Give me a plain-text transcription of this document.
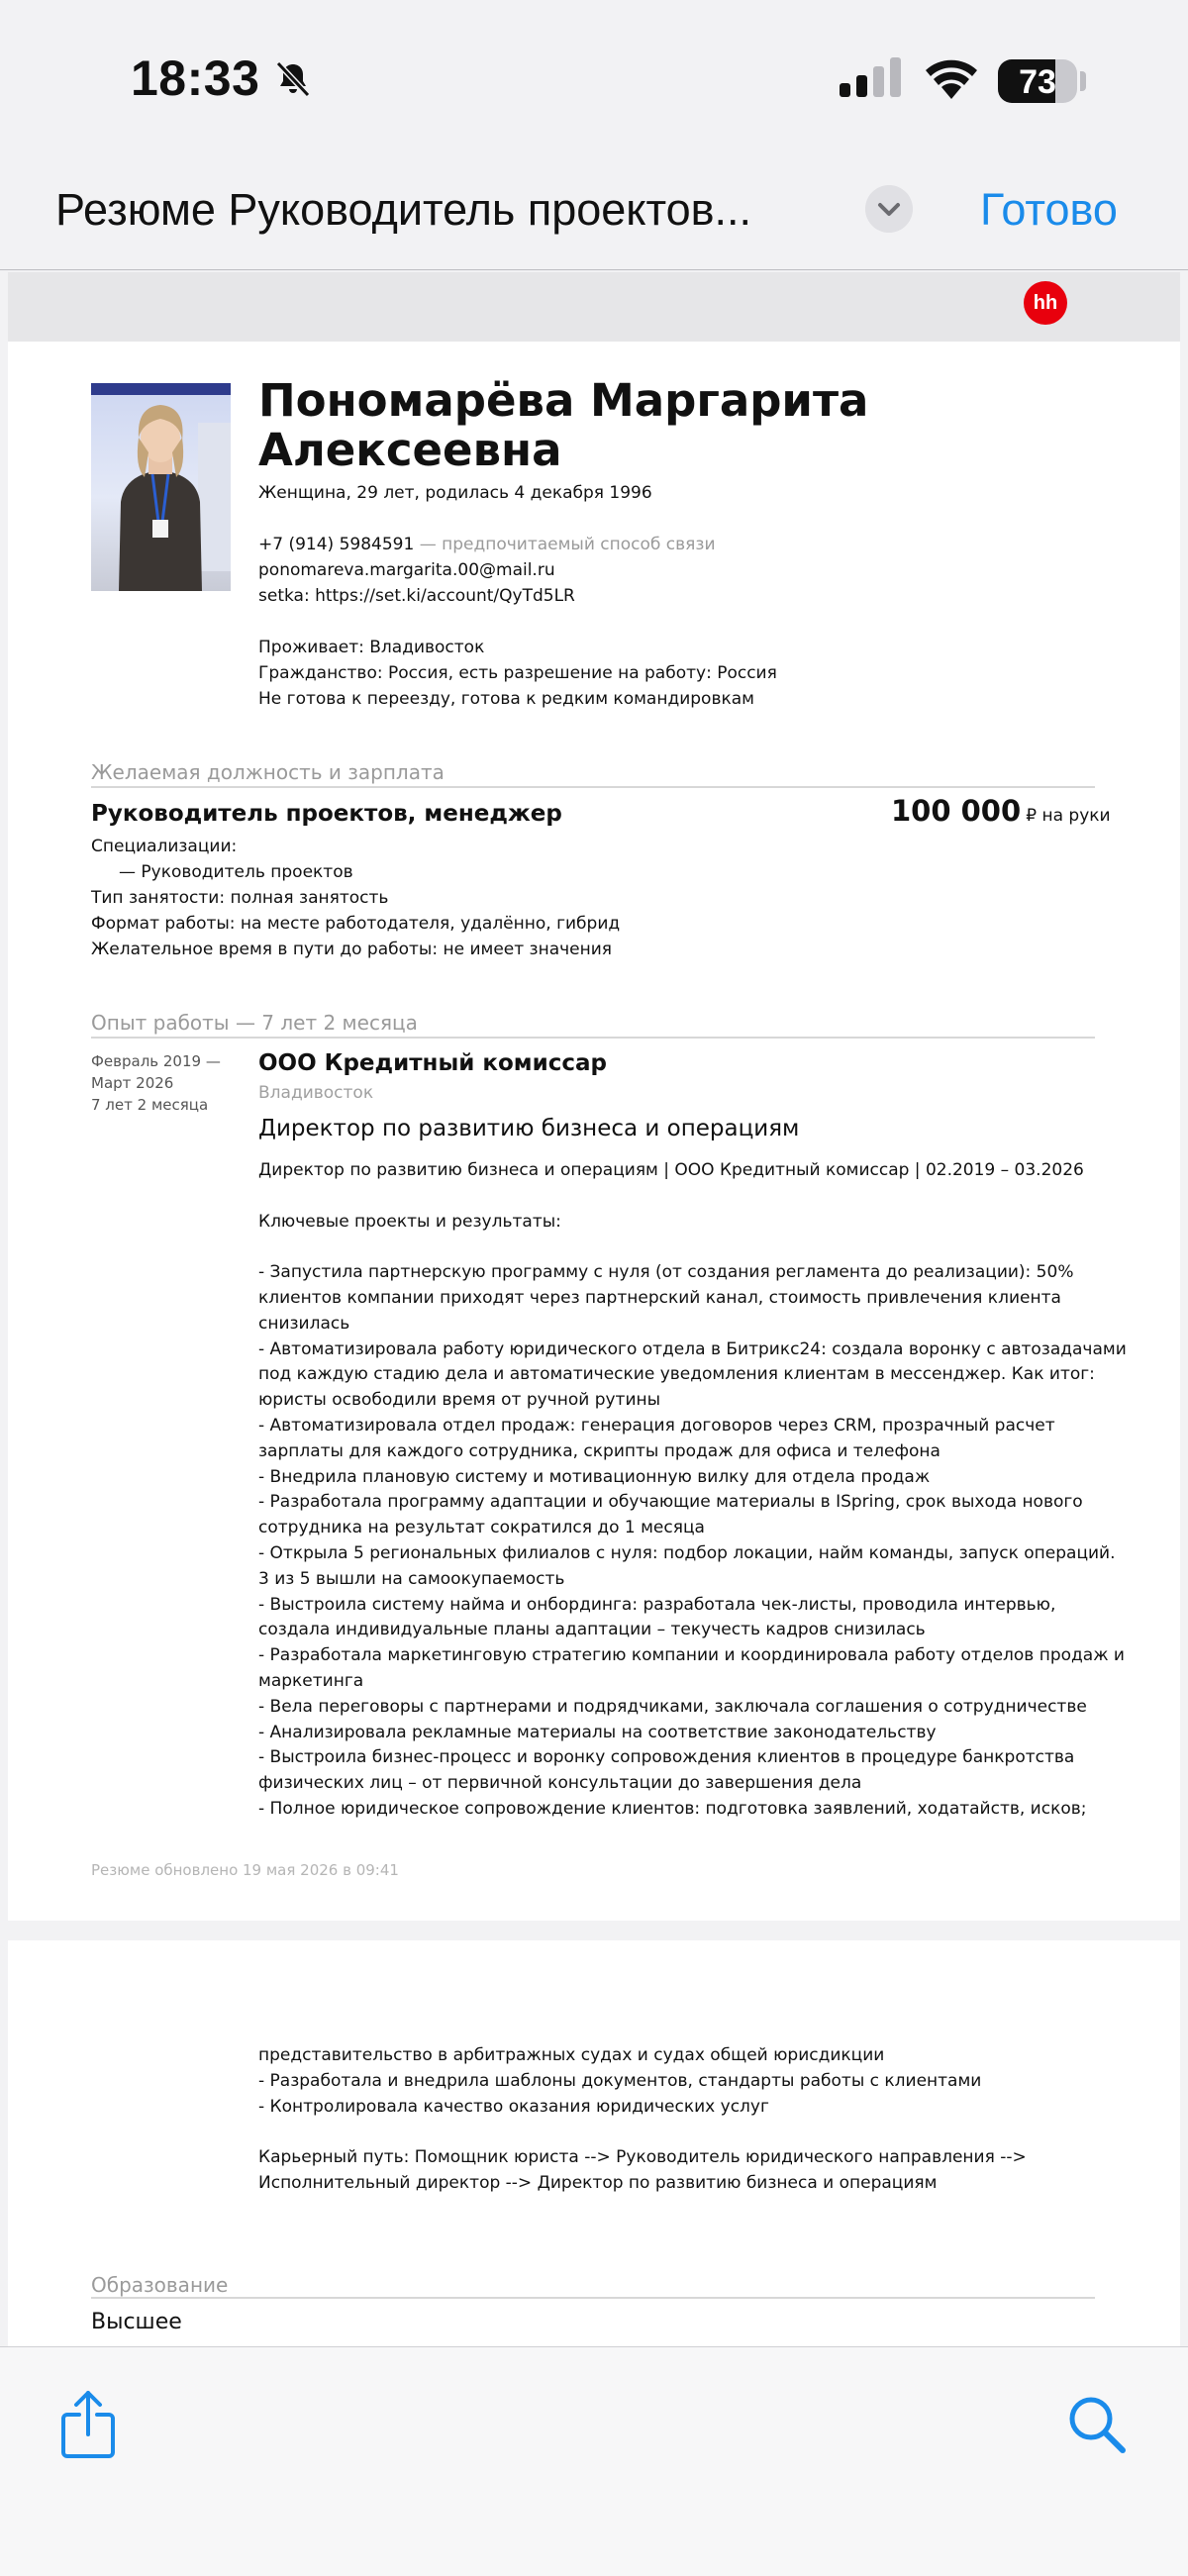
18:33	73
Резюме Руководитель проектов...	Готово
hh
Пономарёва Маргарита
Алексеевна
Женщина, 29 лет, родилась 4 декабря 1996
+7 (914) 5984591 — предпочитаемый способ связи
ponomareva.margarita.00@mail.ru
setka: https://set.ki/account/QyTd5LR
Проживает: Владивосток
Гражданство: Россия, есть разрешение на работу: Россия
Не готова к переезду, готова к редким командировкам
Желаемая должность и зарплата
Руководитель проектов, менеджер	100 000 ₽ на руки
Специализации:
— Руководитель проектов
Тип занятости: полная занятость
Формат работы: на месте работодателя, удалённо, гибрид
Желательное время в пути до работы: не имеет значения
Опыт работы — 7 лет 2 месяца
Февраль 2019 —
Март 2026
7 лет 2 месяца
ООО Кредитный комиссар
Владивосток
Директор по развитию бизнеса и операциям
Директор по развитию бизнеса и операциям | ООО Кредитный комиссар | 02.2019 – 03.2026
Ключевые проекты и результаты:
- Запустила партнерскую программу с нуля (от создания регламента до реализации): 50%
клиентов компании приходят через партнерский канал, стоимость привлечения клиента
снизилась
- Автоматизировала работу юридического отдела в Битрикс24: создала воронку с автозадачами
под каждую стадию дела и автоматические уведомления клиентам в мессенджер. Как итог:
юристы освободили время от ручной рутины
- Автоматизировала отдел продаж: генерация договоров через CRM, прозрачный расчет
зарплаты для каждого сотрудника, скрипты продаж для офиса и телефона
- Внедрила плановую систему и мотивационную вилку для отдела продаж
- Разработала программу адаптации и обучающие материалы в ISpring, срок выхода нового
сотрудника на результат сократился до 1 месяца
- Открыла 5 региональных филиалов с нуля: подбор локации, найм команды, запуск операций.
3 из 5 вышли на самоокупаемость
- Выстроила систему найма и онбординга: разработала чек-листы, проводила интервью,
создала индивидуальные планы адаптации – текучесть кадров снизилась
- Разработала маркетинговую стратегию компании и координировала работу отделов продаж и
маркетинга
- Вела переговоры с партнерами и подрядчиками, заключала соглашения о сотрудничестве
- Анализировала рекламные материалы на соответствие законодательству
- Выстроила бизнес-процесс и воронку сопровождения клиентов в процедуре банкротства
физических лиц – от первичной консультации до завершения дела
- Полное юридическое сопровождение клиентов: подготовка заявлений, ходатайств, исков;
Резюме обновлено 19 мая 2026 в 09:41
представительство в арбитражных судах и судах общей юрисдикции
- Разработала и внедрила шаблоны документов, стандарты работы с клиентами
- Контролировала качество оказания юридических услуг
Карьерный путь: Помощник юриста --> Руководитель юридического направления -->
Исполнительный директор --> Директор по развитию бизнеса и операциям
Образование
Высшее
